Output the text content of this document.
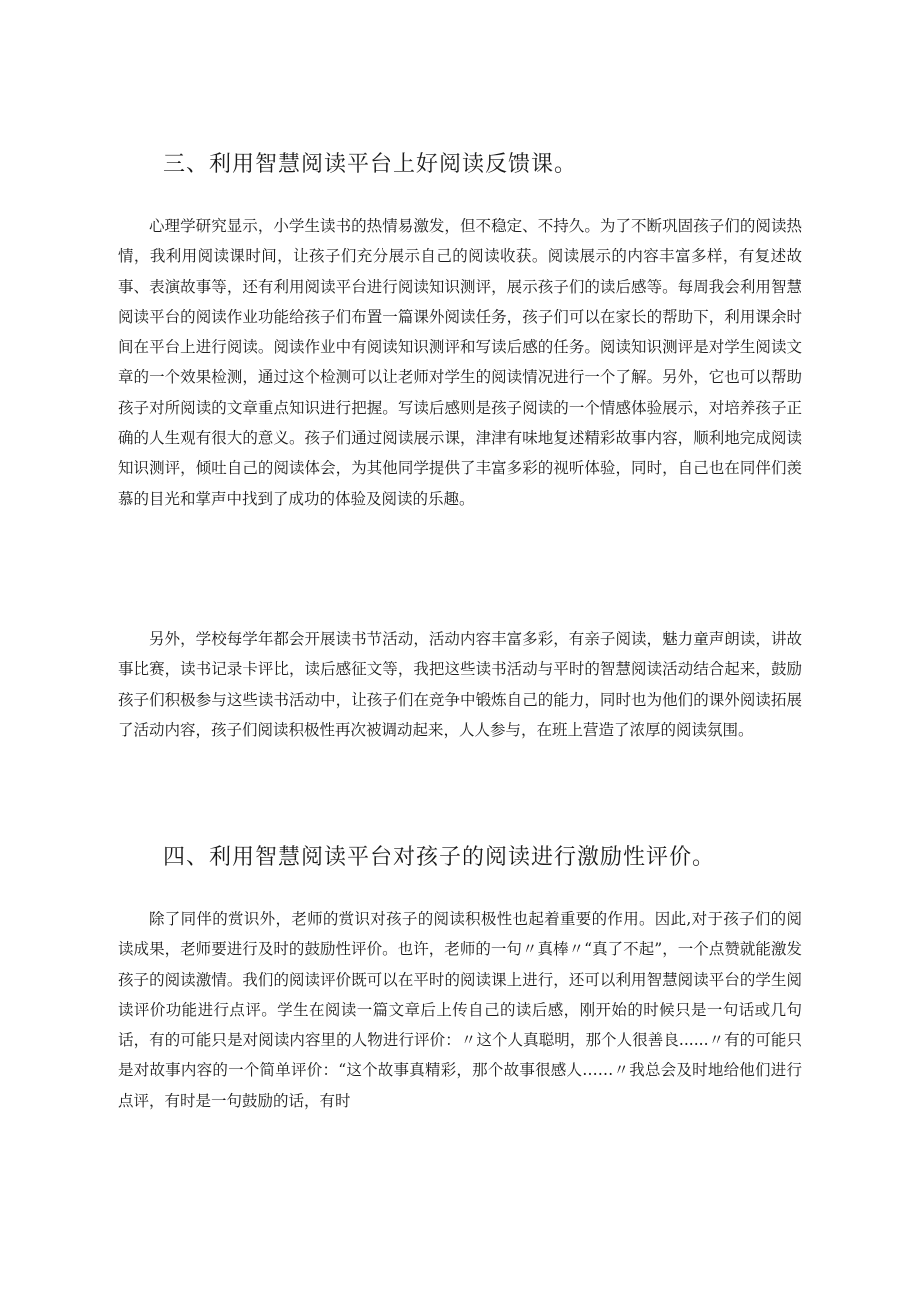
三、利用智慧阅读平台上好阅读反馈课。

心理学研究显示，小学生读书的热情易激发，但不稳定、不持久。为了不断巩固孩子们的阅读热情，我利用阅读课时间，让孩子们充分展示自己的阅读收获。阅读展示的内容丰富多样，有复述故事、表演故事等，还有利用阅读平台进行阅读知识测评，展示孩子们的读后感等。每周我会利用智慧阅读平台的阅读作业功能给孩子们布置一篇课外阅读任务，孩子们可以在家长的帮助下，利用课余时间在平台上进行阅读。阅读作业中有阅读知识测评和写读后感的任务。阅读知识测评是对学生阅读文章的一个效果检测，通过这个检测可以让老师对学生的阅读情况进行一个了解。另外，它也可以帮助孩子对所阅读的文章重点知识进行把握。写读后感则是孩子阅读的一个情感体验展示，对培养孩子正确的人生观有很大的意义。孩子们通过阅读展示课，津津有味地复述精彩故事内容，顺利地完成阅读知识测评，倾吐自己的阅读体会，为其他同学提供了丰富多彩的视听体验，同时，自己也在同伴们羡慕的目光和掌声中找到了成功的体验及阅读的乐趣。

另外，学校每学年都会开展读书节活动，活动内容丰富多彩，有亲子阅读，魅力童声朗读，讲故事比赛，读书记录卡评比，读后感征文等，我把这些读书活动与平时的智慧阅读活动结合起来，鼓励孩子们积极参与这些读书活动中，让孩子们在竞争中锻炼自己的能力，同时也为他们的课外阅读拓展了活动内容，孩子们阅读积极性再次被调动起来，人人参与，在班上营造了浓厚的阅读氛围。

四、利用智慧阅读平台对孩子的阅读进行激励性评价。

除了同伴的赏识外，老师的赏识对孩子的阅读积极性也起着重要的作用。因此,对于孩子们的阅读成果，老师要进行及时的鼓励性评价。也许，老师的一句〃真棒〃“真了不起”，一个点赞就能激发孩子的阅读激情。我们的阅读评价既可以在平时的阅读课上进行，还可以利用智慧阅读平台的学生阅读评价功能进行点评。学生在阅读一篇文章后上传自己的读后感，刚开始的时候只是一句话或几句话，有的可能只是对阅读内容里的人物进行评价：〃这个人真聪明，那个人很善良......〃有的可能只是对故事内容的一个简单评价：“这个故事真精彩，那个故事很感人……〃我总会及时地给他们进行点评，有时是一句鼓励的话，有时
